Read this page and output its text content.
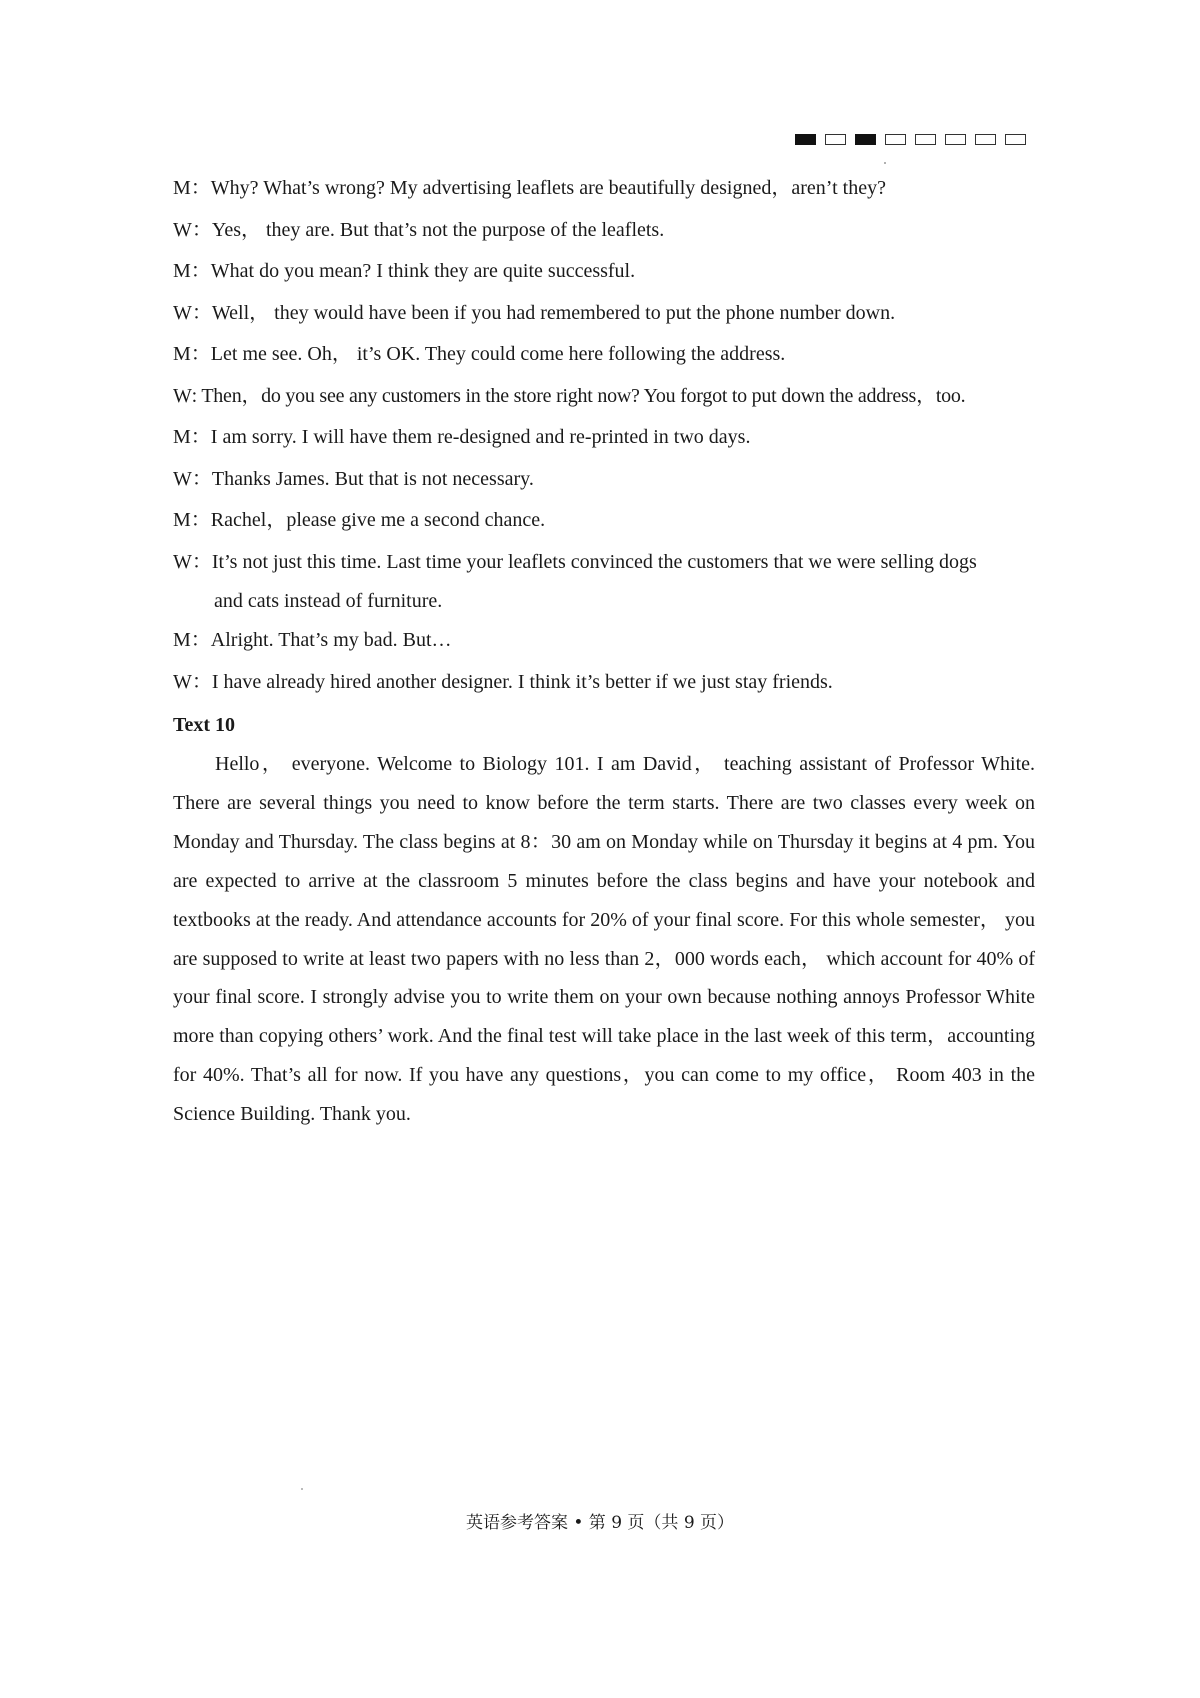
M：Why? What’s wrong? My advertising leaflets are beautifully designed，aren’t they?
W：Yes， they are. But that’s not the purpose of the leaflets.
M：What do you mean? I think they are quite successful.
W：Well， they would have been if you had remembered to put the phone number down.
M：Let me see. Oh， it’s OK. They could come here following the address.
W: Then，do you see any customers in the store right now? You forgot to put down the address，too.
M：I am sorry. I will have them re-designed and re-printed in two days.
W：Thanks James. But that is not necessary.
M：Rachel，please give me a second chance.
W：It’s not just this time. Last time your leaflets convinced the customers that we were selling dogs
and cats instead of furniture.
M：Alright. That’s my bad. But…
W：I have already hired another designer. I think it’s better if we just stay friends.
Text 10

Hello， everyone. Welcome to Biology 101. I am David， teaching assistant of Professor White. There are several things you need to know before the term starts. There are two classes every week on Monday and Thursday. The class begins at 8：30 am on Monday while on Thursday it begins at 4 pm. You are expected to arrive at the classroom 5 minutes before the class begins and have your notebook and textbooks at the ready. And attendance accounts for 20% of your final score. For this whole semester， you are supposed to write at least two papers with no less than 2，000 words each， which account for 40% of your final score. I strongly advise you to write them on your own because nothing annoys Professor White more than copying others’ work. And the final test will take place in the last week of this term，accounting for 40%. That’s all for now. If you have any questions，you can come to my office， Room 403 in the Science Building. Thank you.

英语参考答案 • 第 9 页（共 9 页）
